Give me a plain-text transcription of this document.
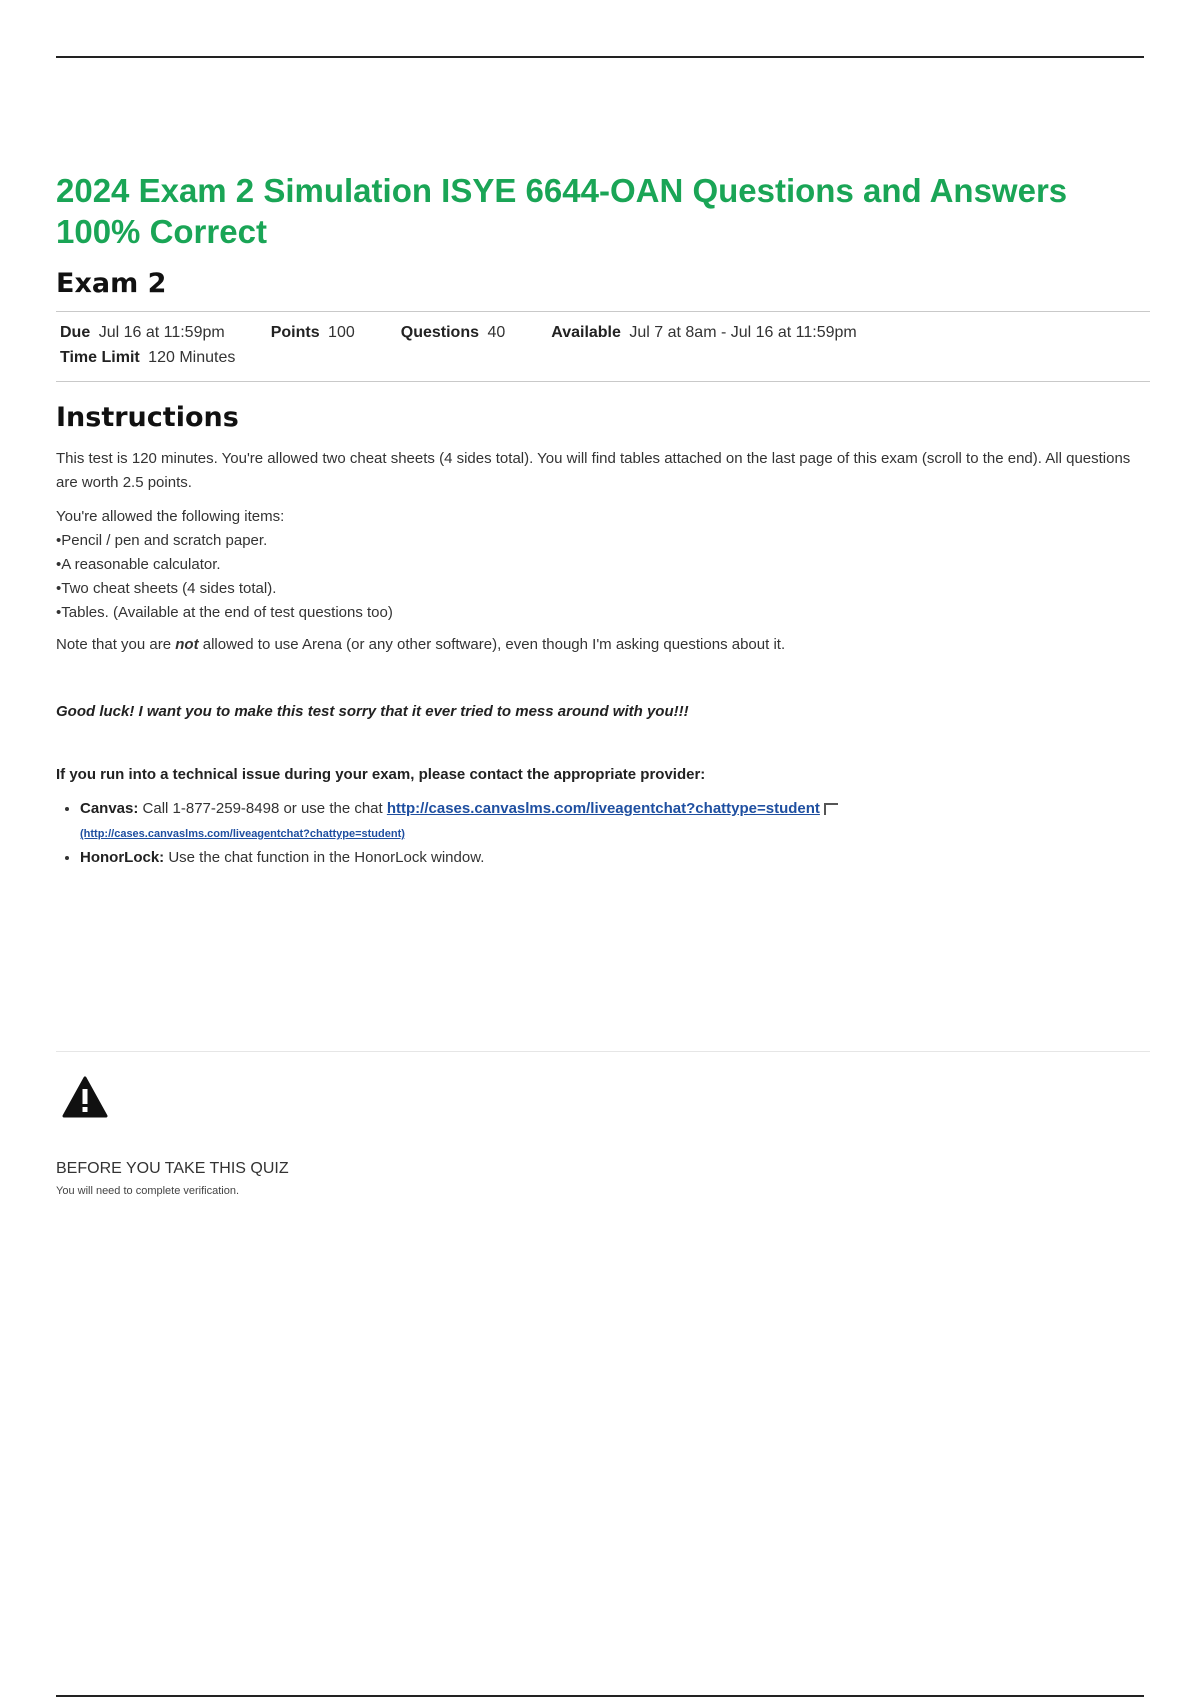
2024 Exam 2 Simulation ISYE 6644-OAN Questions and Answers 100% Correct
Exam 2
Due Jul 16 at 11:59pm	Points 100	Questions 40	Available Jul 7 at 8am - Jul 16 at 11:59pm
Time Limit 120 Minutes
Instructions

This test is 120 minutes. You're allowed two cheat sheets (4 sides total). You will find tables attached on the last page of this exam (scroll to the end). All questions are worth 2.5 points.

You're allowed the following items:
• Pencil / pen and scratch paper.
• A reasonable calculator.
• Two cheat sheets (4 sides total).
• Tables. (Available at the end of test questions too)

Note that you are not allowed to use Arena (or any other software), even though I'm asking questions about it.

Good luck! I want you to make this test sorry that it ever tried to mess around with you!!!

If you run into a technical issue during your exam, please contact the appropriate provider:

• Canvas: Call 1-877-259-8498 or use the chat http://cases.canvaslms.com/liveagentchat?chattype=student
(http://cases.canvaslms.com/liveagentchat?chattype=student)
• HonorLock: Use the chat function in the HonorLock window.
BEFORE YOU TAKE THIS QUIZ
You will need to complete verification.
